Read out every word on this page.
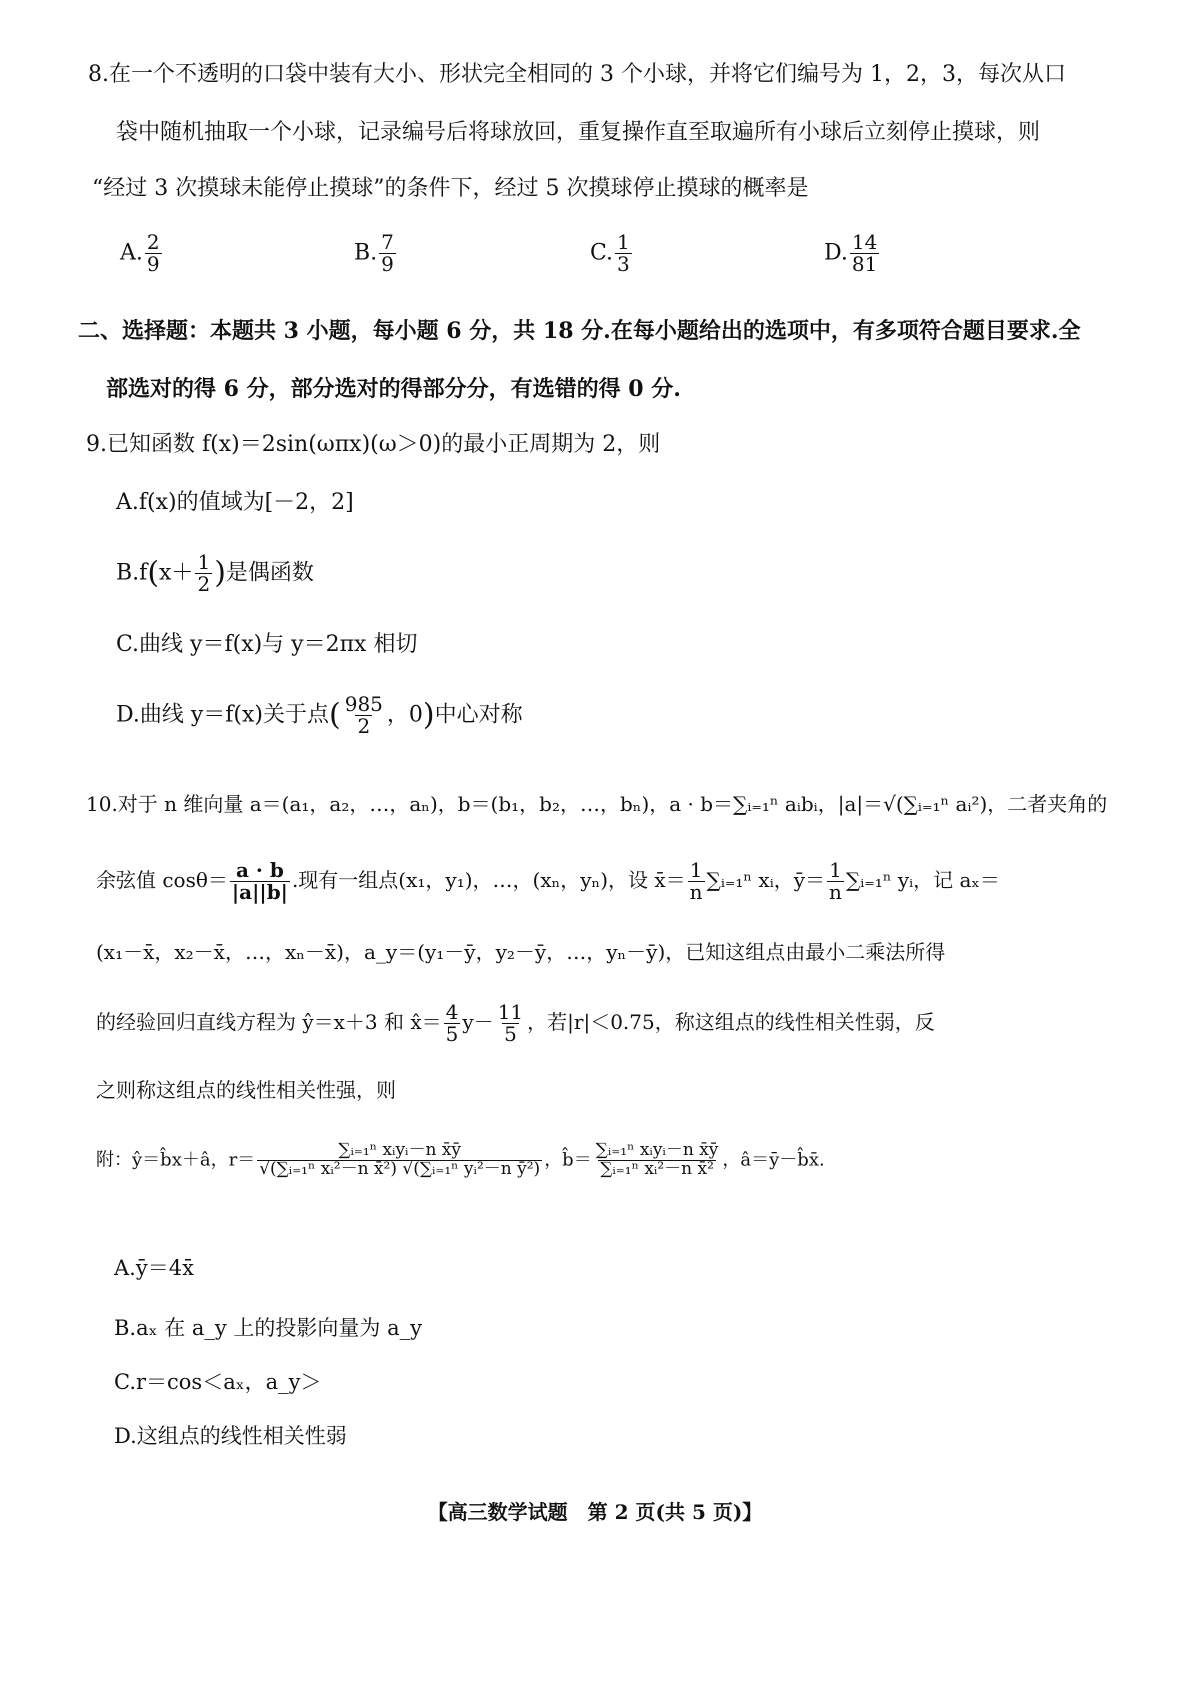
8.在一个不透明的口袋中装有大小、形状完全相同的 3 个小球，并将它们编号为 1，2，3，每次从口
袋中随机抽取一个小球，记录编号后将球放回，重复操作直至取遍所有小球后立刻停止摸球，则
“经过 3 次摸球未能停止摸球”的条件下，经过 5 次摸球停止摸球的概率是
A. $\frac{2}{9}$	B. $\frac{7}{9}$	C. $\frac{1}{3}$	D. $\frac{14}{81}$
二、选择题：本题共 3 小题，每小题 6 分，共 18 分.在每小题给出的选项中，有多项符合题目要求.全
部选对的得 6 分，部分选对的得部分分，有选错的得 0 分.
9.已知函数 f(x)＝2sin(ωπx)(ω＞0)的最小正周期为 2，则
A.f(x)的值域为[－2，2]
$B.f(x+ \frac{1}{2}$ )是偶函数
C.曲线 y＝f(x)与 y＝2πx 相切
D.曲线 y＝f(x)关于点( $\frac{985}{2}$ ，0)中心对称
10.对于 n 维向量 a＝(a₁，a₂，…，aₙ)，b＝(b₁，b₂，…，bₙ)，a · b＝∑ᵢ₌₁ⁿ aᵢbᵢ，|a|＝√(∑ᵢ₌₁ⁿ aᵢ²)，二者夹角的
余弦值 $\cos\theta= \frac{a \cdot b}{|a||b|}$ .现有一组点(x₁，y₁)，…，(xₙ，yₙ)，设 x̄＝ $\frac{1}{n}$ ∑ᵢ₌₁ⁿ xᵢ，ȳ＝ $\frac{1}{n}$ ∑ᵢ₌₁ⁿ yᵢ，记 aₓ＝
(x₁－x̄，x₂－x̄，…，xₙ－x̄)，a_y＝(y₁－ȳ，y₂－ȳ，…，yₙ－ȳ)，已知这组点由最小二乘法所得
的经验回归直线方程为 ŷ＝x＋3 和 x̂＝ $\frac{4}{5} y- \frac{11}{5}$ ，若|r|＜0.75，称这组点的线性相关性弱，反
之则称这组点的线性相关性强，则
附：ŷ＝b̂x＋â，$r= \frac{\text{∑ᵢ₌₁ⁿ xᵢyᵢ－n x̄ȳ}}{\text{√(∑ᵢ₌₁ⁿ xᵢ²－n x̄²) √(∑ᵢ₌₁ⁿ yᵢ²－n ȳ²)}}$ ，b̂＝ $\frac{\text{∑ᵢ₌₁ⁿ xᵢyᵢ－n x̄ȳ}}{\text{∑ᵢ₌₁ⁿ xᵢ²－n x̄²}}$ ，â＝ȳ－b̂x̄.
A.ȳ＝4x̄
B.aₓ 在 a_y 上的投影向量为 a_y
C.r＝cos＜aₓ，a_y＞
D.这组点的线性相关性弱
【高三数学试题　第 2 页(共 5 页)】
